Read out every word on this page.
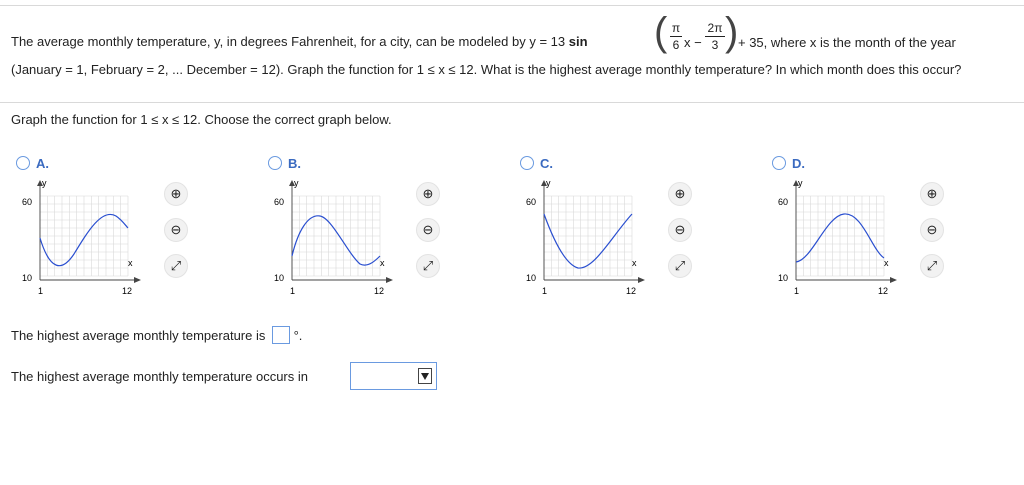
The average monthly temperature, y, in degrees Fahrenheit, for a city, can be modeled by y = 13 sin ( π
6 x −
2π
3 ) + 35, where x is the month of the year
(January = 1, February = 2, ... December = 12). Graph the function for 1 ≤ x ≤ 12. What is the highest average monthly temperature? In which month does this occur?
Graph the function for 1 ≤ x ≤ 12. Choose the correct graph below.
A.
y
x
60
10
1	12
⊕
⊖
⤢
B.
y
x
60
10
1	12
⊕
⊖
⤢
C.
y
x
60
10
1	12
⊕
⊖
⤢
D.
y
x
60
10
1	12
⊕
⊖
⤢
The highest average monthly temperature is °.
The highest average monthly temperature occurs in
